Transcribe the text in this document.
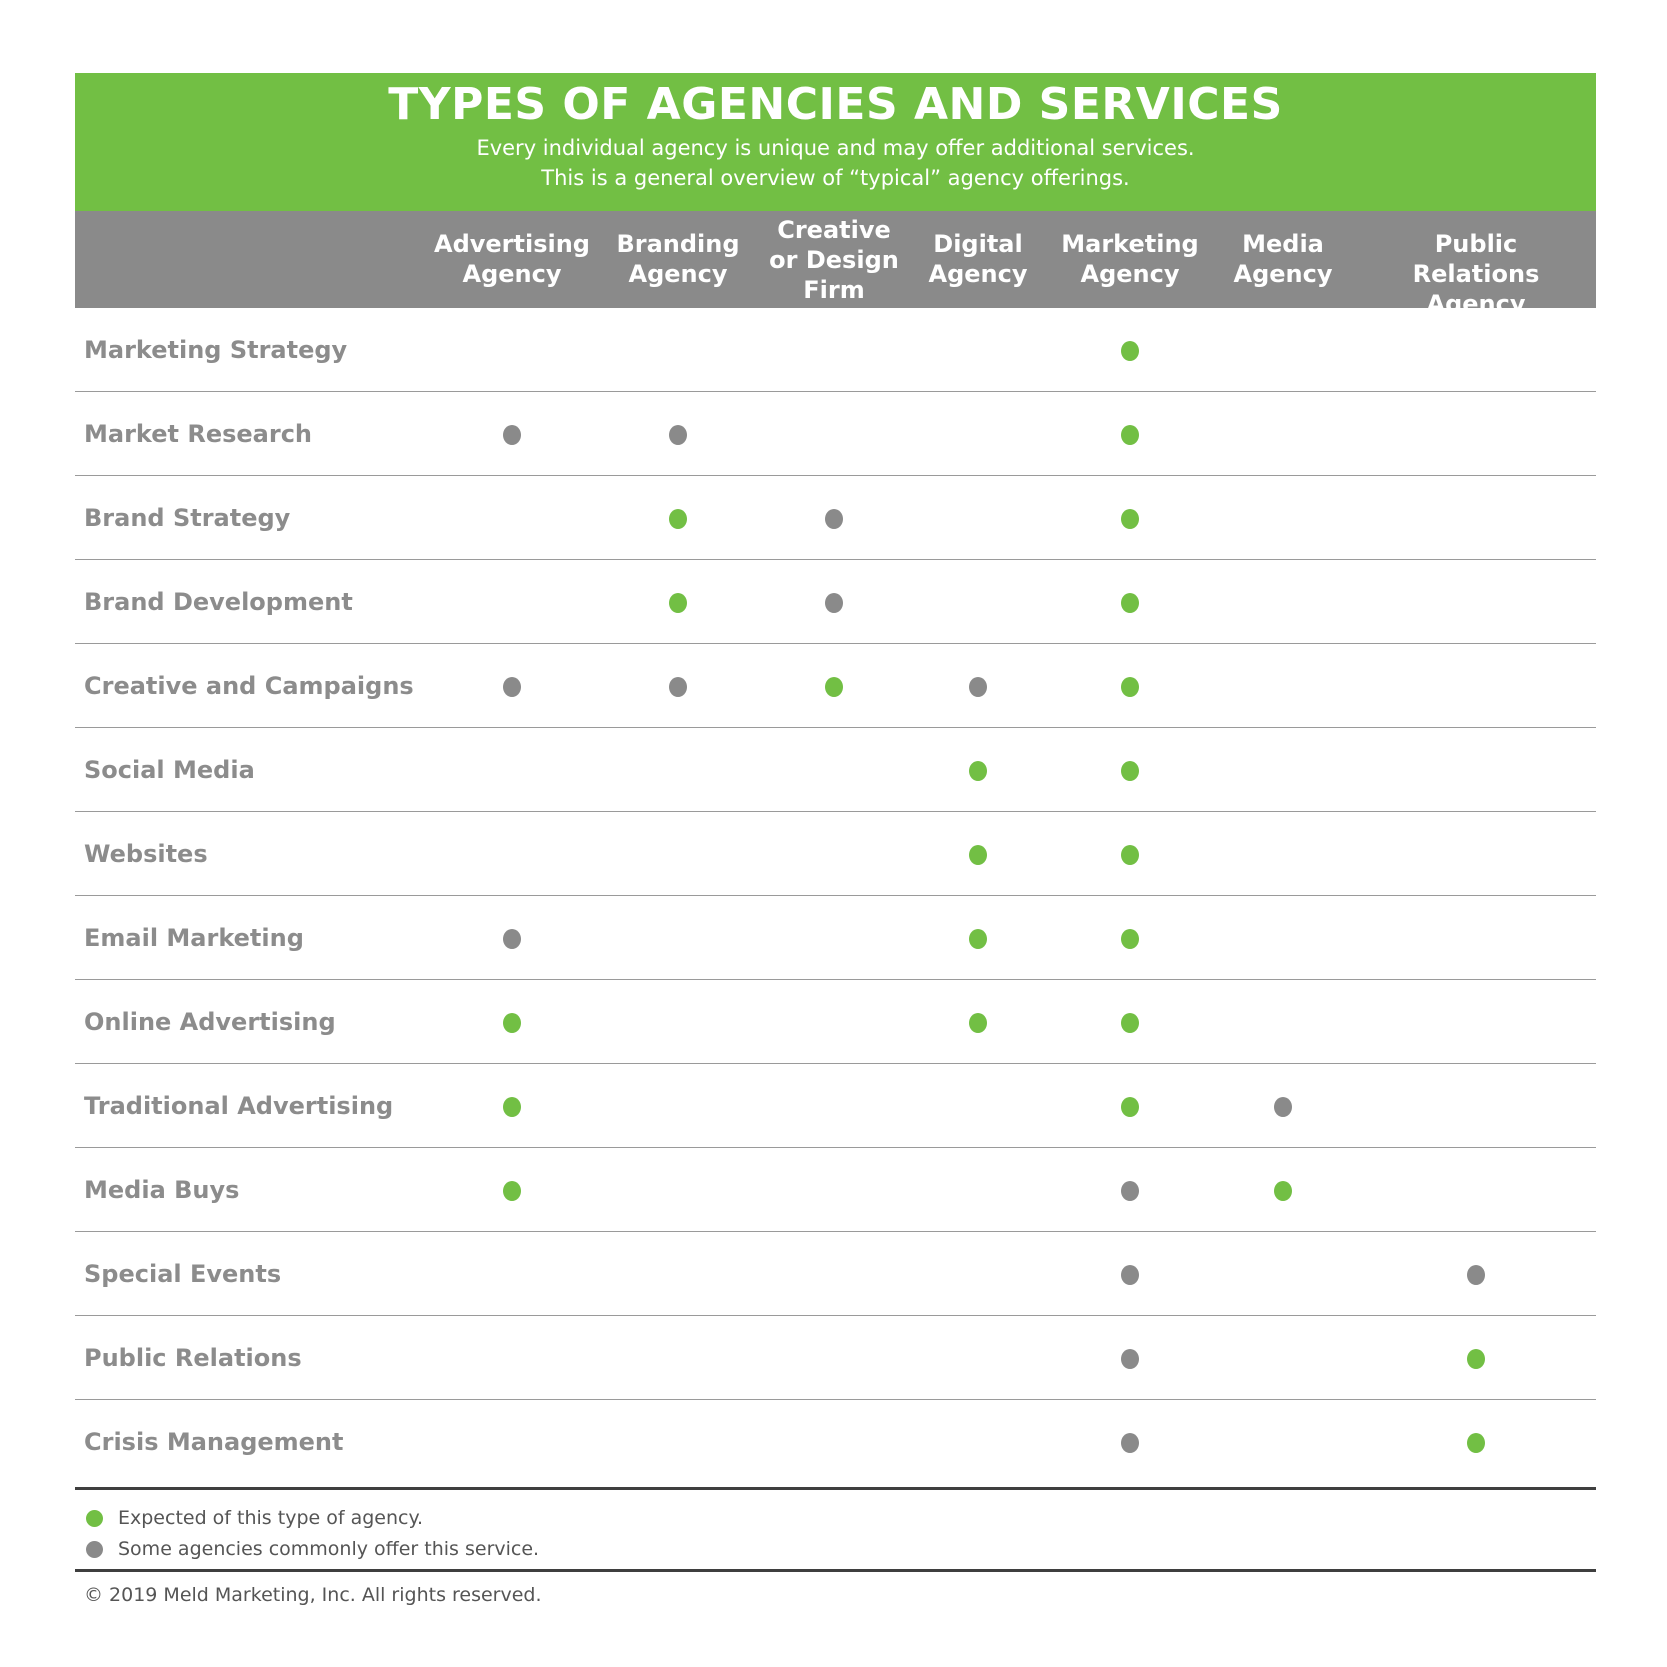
TYPES OF AGENCIES AND SERVICES
Every individual agency is unique and may offer additional services.
This is a general overview of “typical” agency offerings.
Advertising
Agency
Branding
Agency
Creative
or Design
Firm
Digital
Agency
Marketing
Agency
Media
Agency
Public Relations
Agency
Marketing Strategy
Market Research
Brand Strategy
Brand Development
Creative and Campaigns
Social Media
Websites
Email Marketing
Online Advertising
Traditional Advertising
Media Buys
Special Events
Public Relations
Crisis Management
Expected of this type of agency.
Some agencies commonly offer this service.
© 2019 Meld Marketing, Inc. All rights reserved.
